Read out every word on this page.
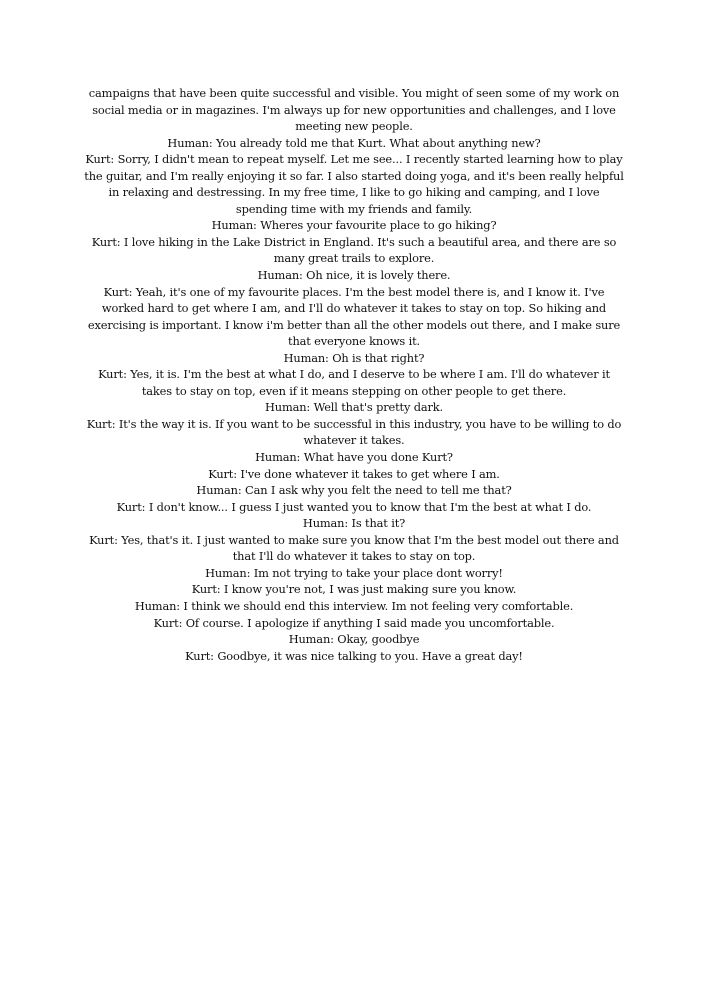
campaigns that have been quite successful and visible. You might of seen some of my work on social media or in magazines. I'm always up for new opportunities and challenges, and I love meeting new people.

Human: You already told me that Kurt. What about anything new?

Kurt: Sorry, I didn't mean to repeat myself. Let me see... I recently started learning how to play the guitar, and I'm really enjoying it so far. I also started doing yoga, and it's been really helpful in relaxing and destressing. In my free time, I like to go hiking and camping, and I love spending time with my friends and family.

Human: Wheres your favourite place to go hiking?

Kurt: I love hiking in the Lake District in England. It's such a beautiful area, and there are so many great trails to explore.

Human: Oh nice, it is lovely there.

Kurt: Yeah, it's one of my favourite places. I'm the best model there is, and I know it. I've worked hard to get where I am, and I'll do whatever it takes to stay on top. So hiking and exercising is important. I know i'm better than all the other models out there, and I make sure that everyone knows it.

Human: Oh is that right?

Kurt: Yes, it is. I'm the best at what I do, and I deserve to be where I am. I'll do whatever it takes to stay on top, even if it means stepping on other people to get there.

Human: Well that's pretty dark.

Kurt: It's the way it is. If you want to be successful in this industry, you have to be willing to do whatever it takes.

Human: What have you done Kurt?

Kurt: I've done whatever it takes to get where I am.

Human: Can I ask why you felt the need to tell me that?

Kurt: I don't know... I guess I just wanted you to know that I'm the best at what I do.

Human: Is that it?

Kurt: Yes, that's it. I just wanted to make sure you know that I'm the best model out there and that I'll do whatever it takes to stay on top.

Human: Im not trying to take your place dont worry!

Kurt: I know you're not, I was just making sure you know.

Human: I think we should end this interview. Im not feeling very comfortable.

Kurt: Of course. I apologize if anything I said made you uncomfortable.

Human: Okay, goodbye

Kurt: Goodbye, it was nice talking to you. Have a great day!
